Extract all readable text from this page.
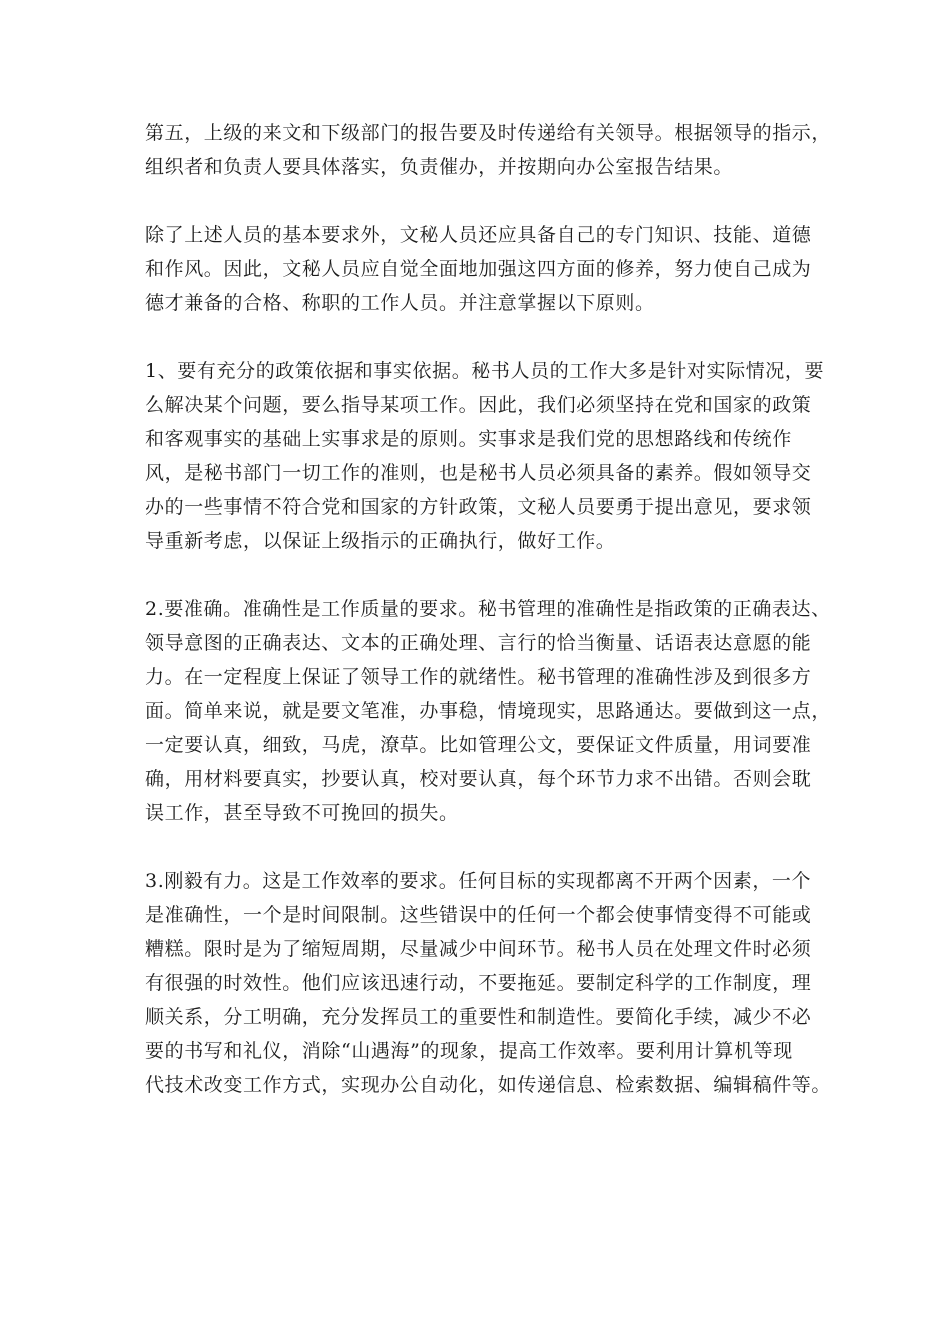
第五，上级的来文和下级部门的报告要及时传递给有关领导。根据领导的指示，
组织者和负责人要具体落实，负责催办，并按期向办公室报告结果。
除了上述人员的基本要求外，文秘人员还应具备自己的专门知识、技能、道德
和作风。因此，文秘人员应自觉全面地加强这四方面的修养，努力使自己成为
德才兼备的合格、称职的工作人员。并注意掌握以下原则。
1、要有充分的政策依据和事实依据。秘书人员的工作大多是针对实际情况，要
么解决某个问题，要么指导某项工作。因此，我们必须坚持在党和国家的政策
和客观事实的基础上实事求是的原则。实事求是我们党的思想路线和传统作
风，是秘书部门一切工作的准则，也是秘书人员必须具备的素养。假如领导交
办的一些事情不符合党和国家的方针政策，文秘人员要勇于提出意见，要求领
导重新考虑，以保证上级指示的正确执行，做好工作。
2.要准确。准确性是工作质量的要求。秘书管理的准确性是指政策的正确表达、
领导意图的正确表达、文本的正确处理、言行的恰当衡量、话语表达意愿的能
力。在一定程度上保证了领导工作的就绪性。秘书管理的准确性涉及到很多方
面。简单来说，就是要文笔准，办事稳，情境现实，思路通达。要做到这一点，
一定要认真，细致，马虎，潦草。比如管理公文，要保证文件质量，用词要准
确，用材料要真实，抄要认真，校对要认真，每个环节力求不出错。否则会耽
误工作，甚至导致不可挽回的损失。
3.刚毅有力。这是工作效率的要求。任何目标的实现都离不开两个因素，一个
是准确性，一个是时间限制。这些错误中的任何一个都会使事情变得不可能或
糟糕。限时是为了缩短周期，尽量减少中间环节。秘书人员在处理文件时必须
有很强的时效性。他们应该迅速行动，不要拖延。要制定科学的工作制度，理
顺关系，分工明确，充分发挥员工的重要性和制造性。要简化手续，减少不必
要的书写和礼仪，消除“山遇海”的现象，提高工作效率。要利用计算机等现
代技术改变工作方式，实现办公自动化，如传递信息、检索数据、编辑稿件等。
